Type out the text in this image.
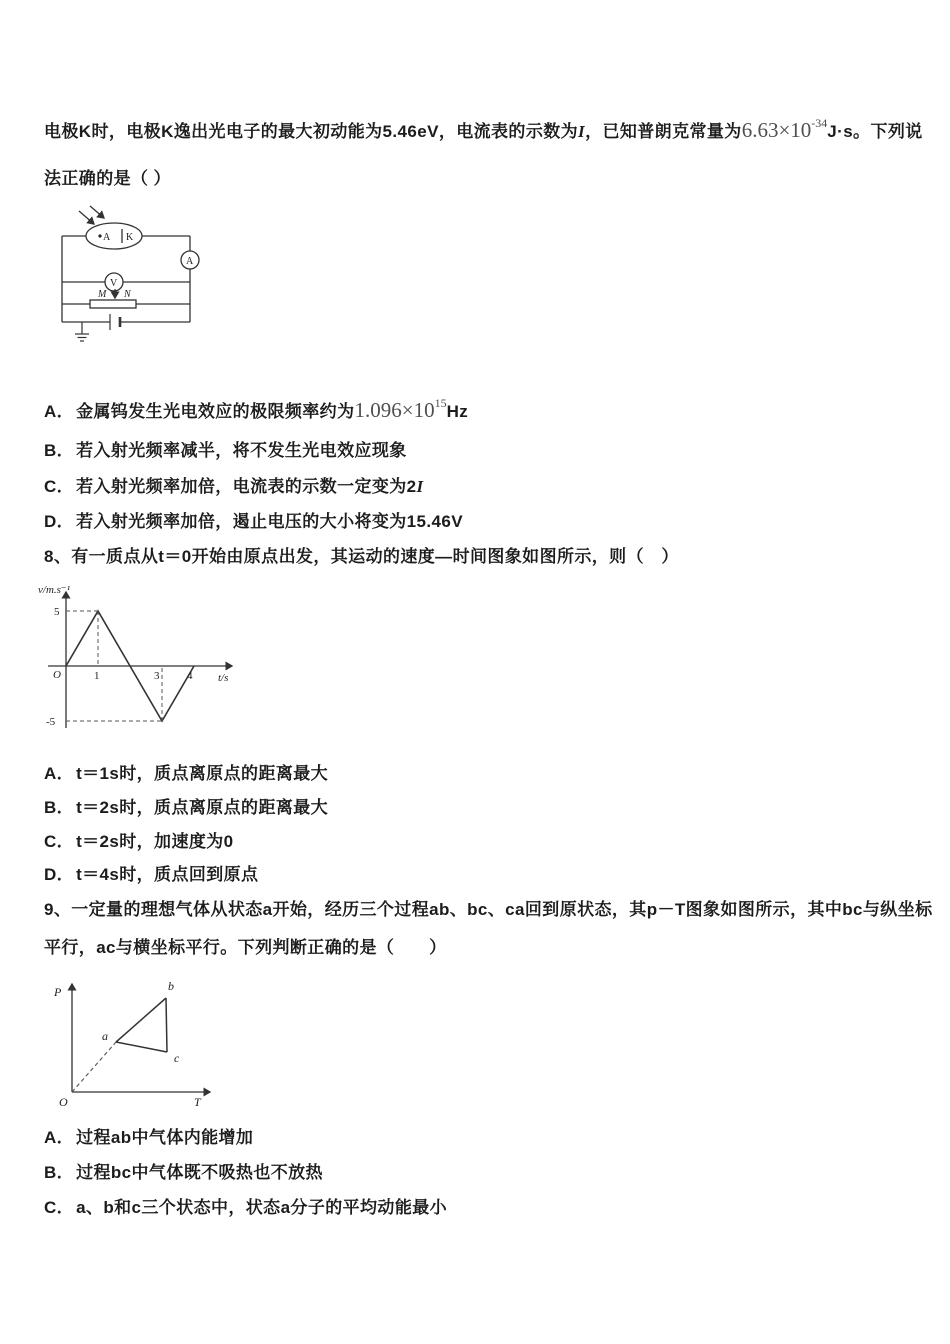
电极K时，电极K逸出光电子的最大初动能为5.46eV，电流表的示数为I，已知普朗克常量为$6.63\times 10^{-34}J\cdot s$。下列说
法正确的是（ ）
A K
A
V
M N
A． 金属钨发生光电效应的极限频率约为$1.096\times 10^{15}Hz$
B． 若入射光频率减半，将不发生光电效应现象
C． 若入射光频率加倍，电流表的示数一定变为2I
D． 若入射光频率加倍，遏止电压的大小将变为15.46V
8、有一质点从t＝0开始由原点出发，其运动的速度—时间图象如图所示，则（　）
v/m.s⁻¹
t/s
O
5
-5
1	3	4
A． t＝1s时，质点离原点的距离最大
B． t＝2s时，质点离原点的距离最大
C． t＝2s时，加速度为0
D． t＝4s时，质点回到原点
9、一定量的理想气体从状态a开始，经历三个过程ab、bc、ca回到原状态，其p－T图象如图所示，其中bc与纵坐标
平行，ac与横坐标平行。下列判断正确的是（　　）
P
T
O
a
b
c
A． 过程ab中气体内能增加
B． 过程bc中气体既不吸热也不放热
C． a、b和c三个状态中，状态a分子的平均动能最小
